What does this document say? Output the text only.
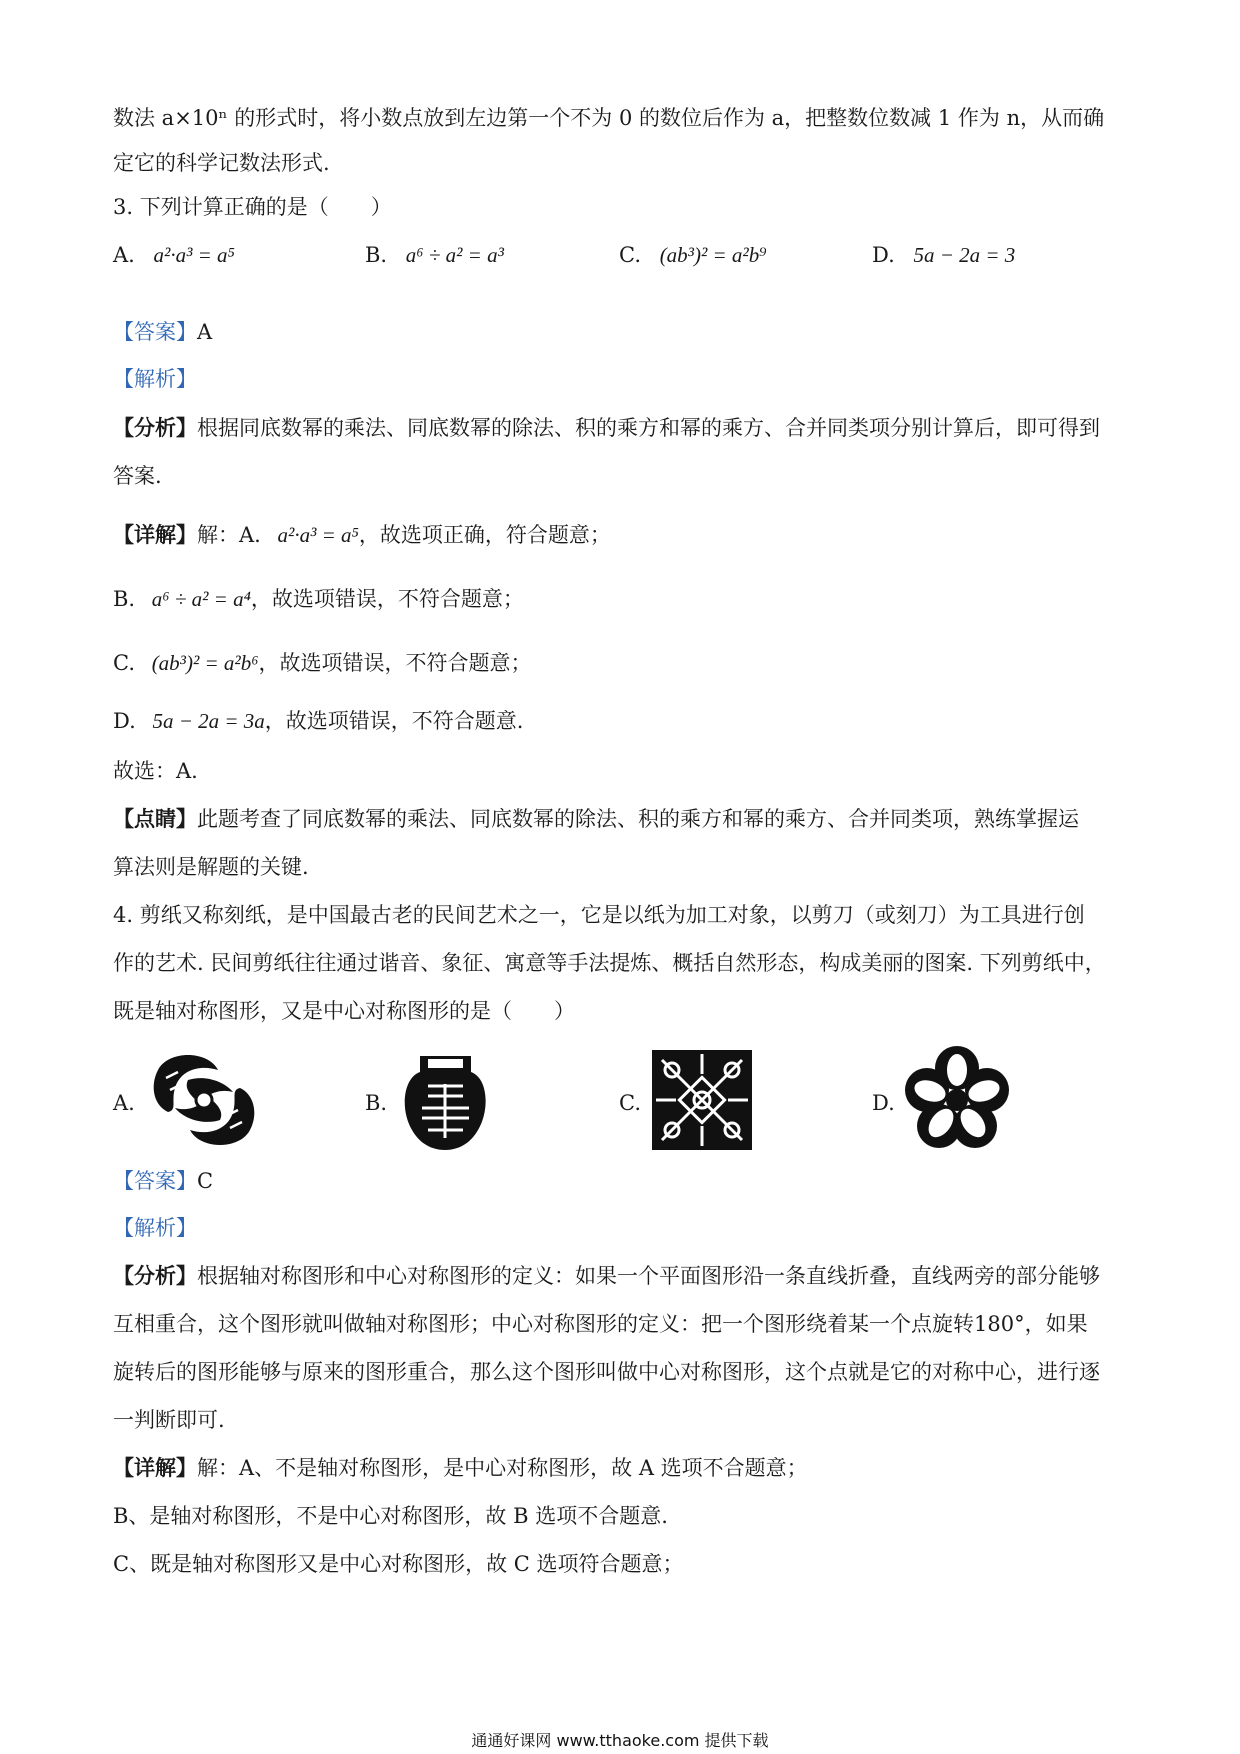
数法 a×10ⁿ 的形式时，将小数点放到左边第一个不为 0 的数位后作为 a，把整数位数减 1 作为 n，从而确
定它的科学记数法形式.
3. 下列计算正确的是（　　）
A. a²·a³ = a⁵	B. a⁶ ÷ a² = a³	C. (ab³)² = a²b⁹	D. 5a − 2a = 3
【答案】A
【解析】
【分析】根据同底数幂的乘法、同底数幂的除法、积的乘方和幂的乘方、合并同类项分别计算后，即可得到
答案.
【详解】解：A. a²·a³ = a⁵，故选项正确，符合题意；
B. a⁶ ÷ a² = a⁴，故选项错误，不符合题意；
C. (ab³)² = a²b⁶，故选项错误，不符合题意；
D. 5a − 2a = 3a，故选项错误，不符合题意.
故选：A.
【点睛】此题考查了同底数幂的乘法、同底数幂的除法、积的乘方和幂的乘方、合并同类项，熟练掌握运
算法则是解题的关键.
4. 剪纸又称刻纸，是中国最古老的民间艺术之一，它是以纸为加工对象，以剪刀（或刻刀）为工具进行创
作的艺术. 民间剪纸往往通过谐音、象征、寓意等手法提炼、概括自然形态，构成美丽的图案. 下列剪纸中，
既是轴对称图形，又是中心对称图形的是（　　）
A.	B.	C.	D.
【答案】C
【解析】
【分析】根据轴对称图形和中心对称图形的定义：如果一个平面图形沿一条直线折叠，直线两旁的部分能够
互相重合，这个图形就叫做轴对称图形；中心对称图形的定义：把一个图形绕着某一个点旋转180°，如果
旋转后的图形能够与原来的图形重合，那么这个图形叫做中心对称图形，这个点就是它的对称中心，进行逐
一判断即可.
【详解】解：A、不是轴对称图形，是中心对称图形，故 A 选项不合题意；
B、是轴对称图形，不是中心对称图形，故 B 选项不合题意.
C、既是轴对称图形又是中心对称图形，故 C 选项符合题意；
通通好课网 www.tthaoke.com 提供下载
